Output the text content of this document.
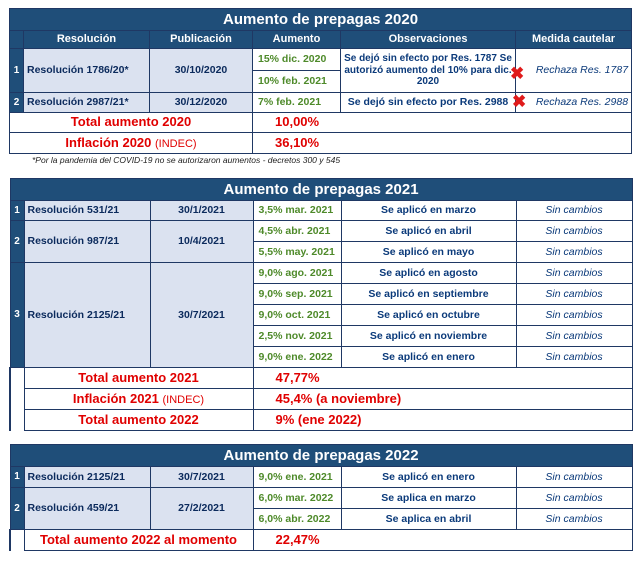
Aumento de prepagas 2020					
	Resolución	Publicación	Aumento	Observaciones	Medida cautelar
1	Resolución 1786/20*	30/10/2020	15% dic. 2020	Se dejó sin efecto por Res. 1787 Se autorizó aumento del 10% para dic. 2020	Rechaza Res. 1787
			10% feb. 2021		
2	Resolución 2987/21*	30/12/2020	7% feb. 2021	Se dejó sin efecto por Res. 2988	Rechaza Res. 2988
Total aumento 2020			10,00%		
Inflación 2020 (INDEC)			36,10%		
✖
✖
*Por la pandemia del COVID-19 no se autorizaron aumentos - decretos 300 y 545
Aumento de prepagas 2021					
1	Resolución 531/21	30/1/2021	3,5% mar. 2021	Se aplicó en marzo	Sin cambios
2	Resolución 987/21	10/4/2021	4,5% abr. 2021	Se aplicó en abril	Sin cambios
			5,5% may. 2021	Se aplicó en mayo	Sin cambios
3	Resolución 2125/21	30/7/2021	9,0% ago. 2021	Se aplicó en agosto	Sin cambios
			9,0% sep. 2021	Se aplicó en septiembre	Sin cambios
			9,0% oct. 2021	Se aplicó en octubre	Sin cambios
			2,5% nov. 2021	Se aplicó en noviembre	Sin cambios
			9,0% ene. 2022	Se aplicó en enero	Sin cambios
	Total aumento 2021		47,77%		
	Inflación 2021 (INDEC)		45,4% (a noviembre)		
	Total aumento 2022		9% (ene 2022)		
Aumento de prepagas 2022					
1	Resolución 2125/21	30/7/2021	9,0% ene. 2021	Se aplicó en enero	Sin cambios
2	Resolución 459/21	27/2/2021	6,0% mar. 2022	Se aplica en marzo	Sin cambios
			6,0% abr. 2022	Se aplica en abril	Sin cambios
	Total aumento 2022 al momento		22,47%		
